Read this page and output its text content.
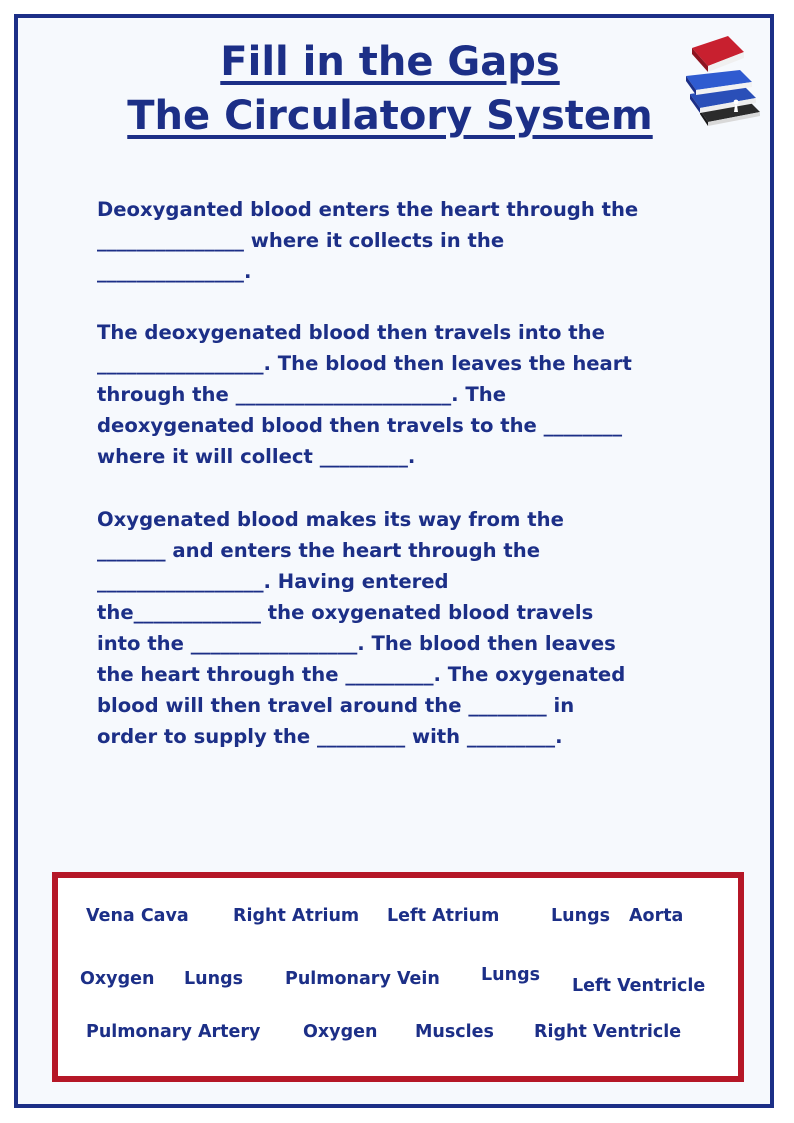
Fill in the Gaps
The Circulatory System
Deoxyganted blood enters the heart through the
_______________ where it collects in the
_______________.
The deoxygenated blood then travels into the
_________________. The blood then leaves the heart
through the ______________________. The
deoxygenated blood then travels to the ________
where it will collect _________.
Oxygenated blood makes its way from the
_______ and enters the heart through the
_________________. Having entered
the_____________ the oxygenated blood travels
into the _________________. The blood then leaves
the heart through the _________. The oxygenated
blood will then travel around the ________ in
order to supply the _________ with _________.
Vena Cava	Right Atrium Left Atrium	Lungs Aorta
Oxygen Lungs Pulmonary Vein Lungs
Left Ventricle
Pulmonary Artery Oxygen Muscles Right Ventricle
